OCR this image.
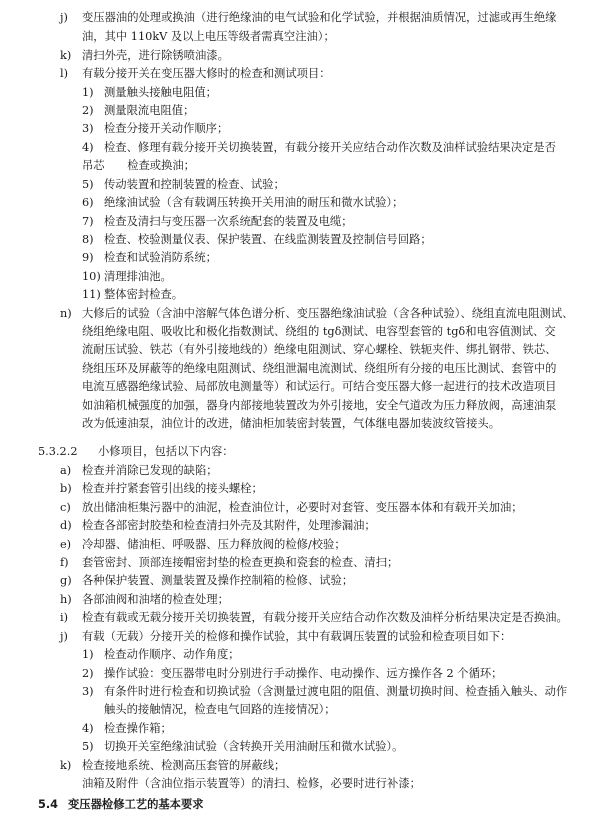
j) 变压器油的处理或换油（进行绝缘油的电气试验和化学试验，并根据油质情况，过滤或再生绝缘
油，其中 110kV 及以上电压等级者需真空注油）；
k) 清扫外壳，进行除锈喷油漆。
l) 有载分接开关在变压器大修时的检查和测试项目：
1) 测量触头接触电阻值；
2) 测量限流电阻值；
3) 检查分接开关动作顺序；
4) 检查、修理有载分接开关切换装置，有载分接开关应结合动作次数及油样试验结果决定是否
吊芯　　检查或换油；
5) 传动装置和控制装置的检查、试验；
6) 绝缘油试验（含有载调压转换开关用油的耐压和微水试验）；
7) 检查及清扫与变压器一次系统配套的装置及电缆；
8) 检查、校验测量仪表、保护装置、在线监测装置及控制信号回路；
9) 检查和试验消防系统；
10) 清理排油池。
11) 整体密封检查。
n) 大修后的试验（含油中溶解气体色谱分析、变压器绝缘油试验（含各种试验）、绕组直流电阻测试、
绕组绝缘电阻、吸收比和极化指数测试、绕组的 tgδ测试、电容型套管的 tgδ和电容值测试、交
流耐压试验、铁芯（有外引接地线的）绝缘电阻测试、穿心螺栓、铁轭夹件、绑扎钢带、铁芯、
绕组压环及屏蔽等的绝缘电阻测试、绕组泄漏电流测试、绕组所有分接的电压比测试、套管中的
电流互感器绝缘试验、局部放电测量等）和试运行。可结合变压器大修一起进行的技术改造项目
如油箱机械强度的加强，器身内部接地装置改为外引接地，安全气道改为压力释放阀，高速油泵
改为低速油泵，油位计的改进，储油柜加装密封装置，气体继电器加装波纹管接头。
5.3.2.2 小修项目，包括以下内容：
a) 检查并消除已发现的缺陷；
b) 检查并拧紧套管引出线的接头螺栓；
c) 放出储油柜集污器中的油泥，检查油位计，必要时对套管、变压器本体和有载开关加油；
d) 检查各部密封胶垫和检查清扫外壳及其附件，处理渗漏油；
e) 冷却器、储油柜、呼吸器、压力释放阀的检修/校验；
f) 套管密封、顶部连接帽密封垫的检查更换和瓷套的检查、清扫；
g) 各种保护装置、测量装置及操作控制箱的检修、试验；
h) 各部油阀和油堵的检查处理；
i) 检查有载或无载分接开关切换装置，有载分接开关应结合动作次数及油样分析结果决定是否换油。
j) 有载（无载）分接开关的检修和操作试验，其中有载调压装置的试验和检查项目如下：
1) 检查动作顺序、动作角度；
2) 操作试验：变压器带电时分别进行手动操作、电动操作、远方操作各 2 个循环；
3) 有条件时进行检查和切换试验（含测量过渡电阻的阻值、测量切换时间、检查插入触头、动作
触头的接触情况，检查电气回路的连接情况）；
4) 检查操作箱；
5) 切换开关室绝缘油试验（含转换开关用油耐压和微水试验）。
k) 检查接地系统、检测高压套管的屏蔽线；
油箱及附件（含油位指示装置等）的清扫、检修，必要时进行补漆；
5.4 变压器检修工艺的基本要求
